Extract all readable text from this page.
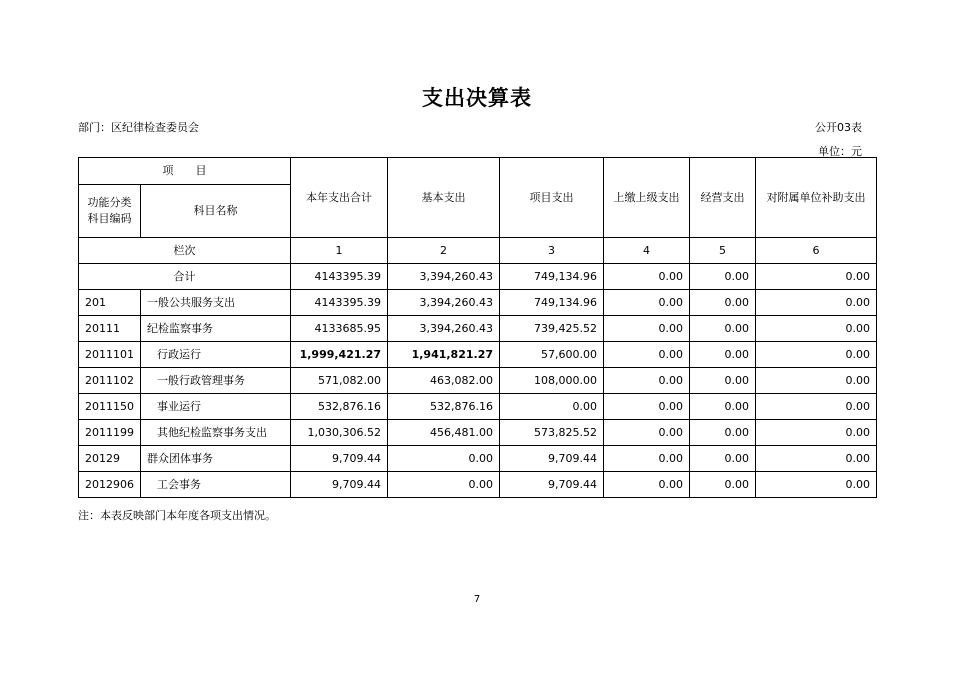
支出决算表
部门：区纪律检查委员会	公开03表
单位：元
项　　目		本年支出合计	基本支出	项目支出	上缴上级支出	经营支出	对附属单位补助支出

功能分类
科目编码	科目名称						
栏次		1	2	3	4	5	6
合计		4143395.39	3,394,260.43	749,134.96	0.00	0.00	0.00
201	一般公共服务支出	4143395.39	3,394,260.43	749,134.96	0.00	0.00	0.00
20111	纪检监察事务	4133685.95	3,394,260.43	739,425.52	0.00	0.00	0.00
2011101	行政运行	1,999,421.27	1,941,821.27	57,600.00	0.00	0.00	0.00
2011102	一般行政管理事务	571,082.00	463,082.00	108,000.00	0.00	0.00	0.00
2011150	事业运行	532,876.16	532,876.16	0.00	0.00	0.00	0.00
2011199	其他纪检监察事务支出	1,030,306.52	456,481.00	573,825.52	0.00	0.00	0.00
20129	群众团体事务	9,709.44	0.00	9,709.44	0.00	0.00	0.00
2012906	工会事务	9,709.44	0.00	9,709.44	0.00	0.00	0.00
注：本表反映部门本年度各项支出情况。
7
